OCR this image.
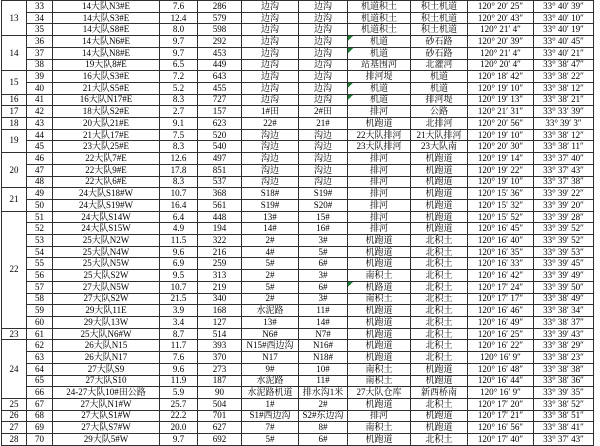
13	33	14大队N3#E	7.6	286	边沟	边沟	机道积土	积土机道	120° 20′ 25″	33° 40′ 39″
	34	14大队S3#E	12.4	579	边沟	边沟	机道积土	积土机道	120° 20′ 43″	33° 40′ 10″
	35	14大队S8#E	8.0	598	边沟	边沟	机道积土	积土机道	120° 21′ 4″	33° 40′ 19″
14	36	14大队N6#E	9.7	292	边沟	边沟	机道	砂石路	120° 20′ 39″	33° 40′ 45″
	37	14大队N8#E	9.7	453	边沟	边沟	机道	砂石路	120° 21′ 4″	33° 40′ 21″
	38	19大队8#E	6.5	449	边沟	边沟	站基围河	北灌河	120° 20′ 4″	33° 38′ 47″
15	39	16大队S3#E	7.2	643	边沟	边沟	排河堤	机道	120° 18′ 42″	33° 38′ 22″
	40	21大队S5#E	5.2	455	边沟	边沟	机道	机道	120° 19′ 10″	33° 38′ 12″
16	41	16大队N17#E	8.3	727	边沟	边沟	机道	排河堤	120° 19′ 13″	33° 38′ 21″
17	42	18大队S2#E	2.7	157	1#田	2#田	排河	公路	120° 21′ 31″	33° 33′ 39″
18	43	20大队21#E	9.1	623	22#	21#	机跑道	北排河	120° 20′ 56″	33° 39′ 3″
19	44	21大队17#E	7.5	520	沟边	沟边	22大队排河	21大队排河	120° 19′ 10″	33° 38′ 12″
	45	23大队25#E	8.3	540	沟边	沟边	23大队排河	23大队南	120° 20′ 30″	33° 38′ 11″
20	46	22大队7#E	12.6	497	沟边	沟边	排河	机跑道	120° 19′ 14″	33° 37′ 40″
	47	22大队9#E	17.8	851	沟边	沟边	排河	机跑道	120° 19′ 22″	33° 37′ 43″
	48	22大队6#E	8.3	537	沟边	沟边	排河	机跑道	120° 19′ 10″	33° 37′ 38″
21	49	24大队S18#W	10.7	368	S18#	S19#	排河	机跑道	120° 15′ 36″	33° 39′ 22″
	50	24大队S19#W	16.4	561	S19#	S20#	排河	机跑道	120° 15′ 32″	33° 39′ 20″
22	51	24大队S14W	6.4	448	13#	15#	排河	机跑道	120° 15′ 52″	33° 39′ 28″
	52	24大队S15W	4.9	194	14#	16#	排河	机跑道	120° 16′ 45″	33° 39′ 52″
	53	25大队N2W	11.5	322	2#	3#	机跑道	北积土	120° 16′ 40″	33° 39′ 52″
	54	25大队N4W	9.6	216	4#	5#	机跑道	北积土	120° 16′ 35″	33° 39′ 53″
	55	25大队N5W	6.9	259	5#	6#	机跑道	北积土	120° 16′ 33″	33° 39′ 45″
	56	25大队S2W	9.5	313	2#	3#	南积土	北积土	120° 16′ 42″	33° 39′ 49″
	57	27大队N5W	10.7	219	5#	6#	机路道	北积土	120° 17′ 24″	33° 39′ 50″
	58	27大队S2W	21.5	340	2#	3#	南积土	北积土	120° 17′ 17″	33° 38′ 49″
	59	29大队11E	3.9	168	水泥路	11#	机跑道	北积土	120° 16′ 46″	33° 38′ 34″
	60	29大队13W	3.4	127	13#	14#	机跑道	北积土	120° 16′ 49″	33° 38′ 37″
23	61	25大队N6#W	8.7	514	N6#	N7#	机跑道	北积土	120° 16′ 25″	33° 39′ 43″
24	62	26大队N15	11.7	393	N15#西边沟	N16#	机跑道	北积土	120° 16′ 22″	33° 38′ 29″
	63	26大队N17	7.6	370	N17	N18#	机跑道	北积土	120° 16′ 9″	33° 38′ 23″
	64	27大队S9	9.6	273	9#	10#	南积土	机跑道	120° 16′ 48″	33° 38′ 38″
	65	27大队S10	11.9	187	水泥路	11#	南积土	机跑道	120° 16′ 44″	33° 38′ 36″
	66	24-27大队10#田公路	5.9	90	水泥路机道	排水沟1米	27大队仓库	新西桥南	120° 16′ 9″	33° 39′ 35″
25	67	27大队N1#W	25.7	504	1#	2#	机跑道	北积土	120° 17′ 20″	33° 38′ 52″
26	68	27大队S1#W	22.2	701	S1#西边沟	S2#东边沟	排河	机跑道	120° 17′ 21″	33° 38′ 51″
27	69	27大队S7#W	20.0	627	7#	8#	南积土	机跑道	120° 16′ 56″	33° 38′ 41″
28	70	29大队5#W	9.7	692	5#	6#	机跑道	北积土	120° 17′ 40″	33° 37′ 43″
